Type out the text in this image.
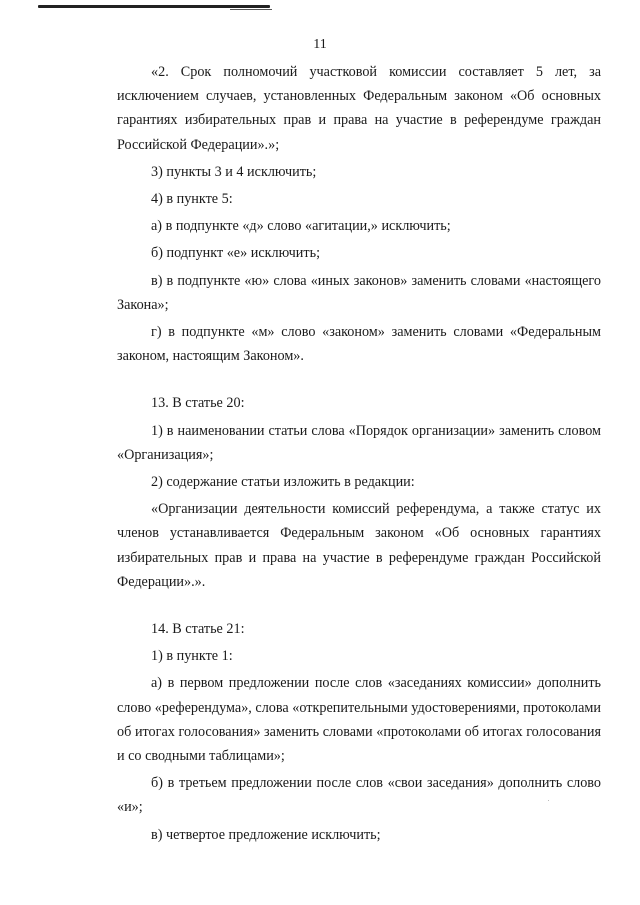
11

«2. Срок полномочий участковой комиссии составляет 5 лет, за исключением случаев, установленных Федеральным законом «Об основных гарантиях избирательных прав и права на участие в референдуме граждан Российской Федерации».»;

3) пункты 3 и 4 исключить;

4) в пункте 5:

а) в подпункте «д» слово «агитации,» исключить;

б) подпункт «е» исключить;

в) в подпункте «ю» слова «иных законов» заменить словами «настоящего Закона»;

г) в подпункте «м» слово «законом» заменить словами «Федеральным законом, настоящим Законом».

13. В статье 20:

1) в наименовании статьи слова «Порядок организации» заменить словом «Организация»;

2) содержание статьи изложить в редакции:

«Организации деятельности комиссий референдума, а также статус их членов устанавливается Федеральным законом «Об основных гарантиях избирательных прав и права на участие в референдуме граждан Российской Федерации».».

14. В статье 21:

1) в пункте 1:

а) в первом предложении после слов «заседаниях комиссии» дополнить слово «референдума», слова «открепительными удостоверениями, протоколами об итогах голосования» заменить словами «протоколами об итогах голосования и со сводными таблицами»;

б) в третьем предложении после слов «свои заседания» дополнить слово «и»;

в) четвертое предложение исключить;
